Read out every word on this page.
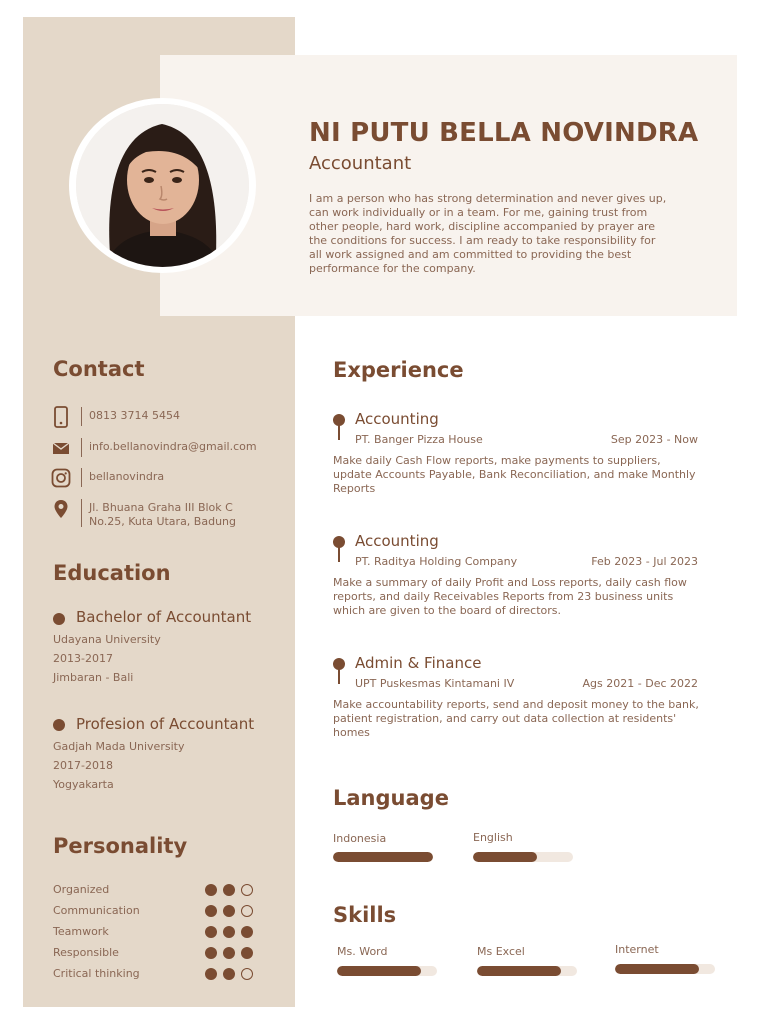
NI PUTU BELLA NOVINDRA
Accountant
I am a person who has strong determination and never gives up, can work individually or in a team. For me, gaining trust from other people, hard work, discipline accompanied by prayer are the conditions for success. I am ready to take responsibility for all work assigned and am committed to providing the best performance for the company.
Contact
0813 3714 5454
info.bellanovindra@gmail.com
bellanovindra
Jl. Bhuana Graha III Blok C
No.25, Kuta Utara, Badung
Education
Bachelor of Accountant
Udayana University
2013-2017
Jimbaran - Bali
Profesion of Accountant
Gadjah Mada University
2017-2018
Yogyakarta
Personality
Organized
Communication
Teamwork
Responsible
Critical thinking
Experience
Accounting
PT. Banger Pizza House	Sep 2023 - Now
Make daily Cash Flow reports, make payments to suppliers, update Accounts Payable, Bank Reconciliation, and make Monthly Reports
Accounting
PT. Raditya Holding Company	Feb 2023 - Jul 2023
Make a summary of daily Profit and Loss reports, daily cash flow reports, and daily Receivables Reports from 23 business units which are given to the board of directors.
Admin & Finance
UPT Puskesmas Kintamani IV	Ags 2021 - Dec 2022
Make accountability reports, send and deposit money to the bank, patient registration, and carry out data collection at residents' homes
Language
Indonesia	English
Skills
Ms. Word	Ms Excel	Internet
